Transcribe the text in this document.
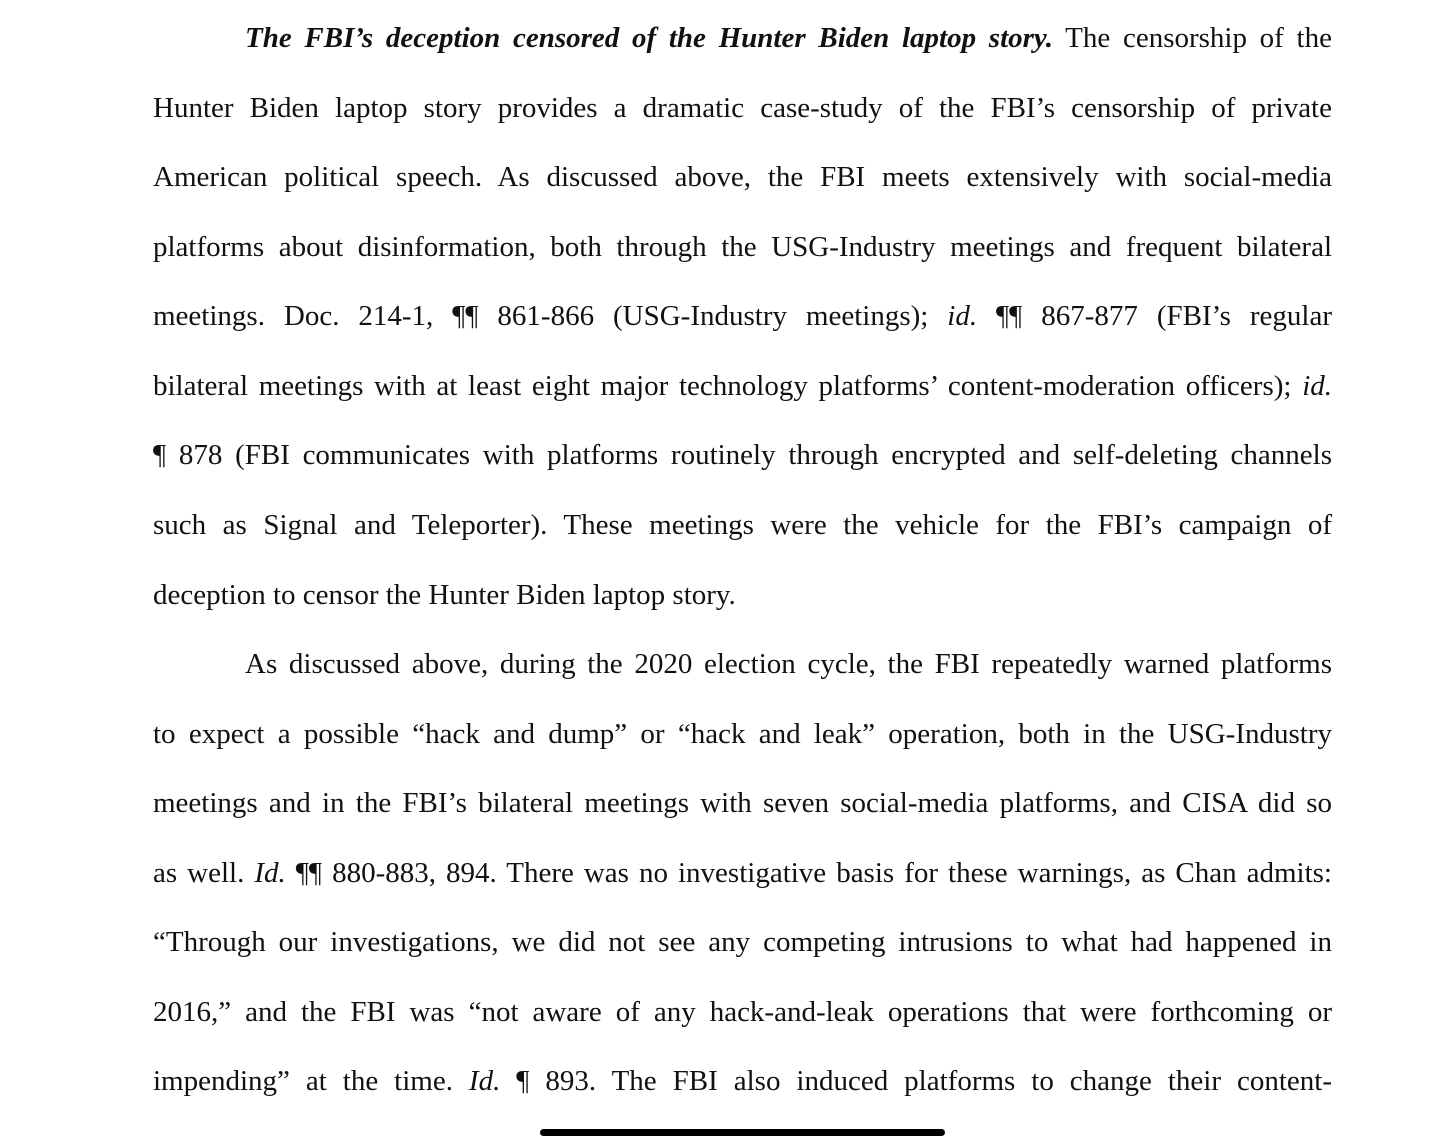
The FBI’s deception censored of the Hunter Biden laptop story. The censorship of the
Hunter Biden laptop story provides a dramatic case-study of the FBI’s censorship of private
American political speech. As discussed above, the FBI meets extensively with social-media
platforms about disinformation, both through the USG-Industry meetings and frequent bilateral
meetings. Doc. 214-1, ¶¶ 861-866 (USG-Industry meetings); id. ¶¶ 867-877 (FBI’s regular
bilateral meetings with at least eight major technology platforms’ content-moderation officers); id.
¶ 878 (FBI communicates with platforms routinely through encrypted and self-deleting channels
such as Signal and Teleporter). These meetings were the vehicle for the FBI’s campaign of
deception to censor the Hunter Biden laptop story.
As discussed above, during the 2020 election cycle, the FBI repeatedly warned platforms
to expect a possible “hack and dump” or “hack and leak” operation, both in the USG-Industry
meetings and in the FBI’s bilateral meetings with seven social-media platforms, and CISA did so
as well. Id. ¶¶ 880-883, 894. There was no investigative basis for these warnings, as Chan admits:
“Through our investigations, we did not see any competing intrusions to what had happened in
2016,” and the FBI was “not aware of any hack-and-leak operations that were forthcoming or
impending” at the time. Id. ¶ 893. The FBI also induced platforms to change their content-
